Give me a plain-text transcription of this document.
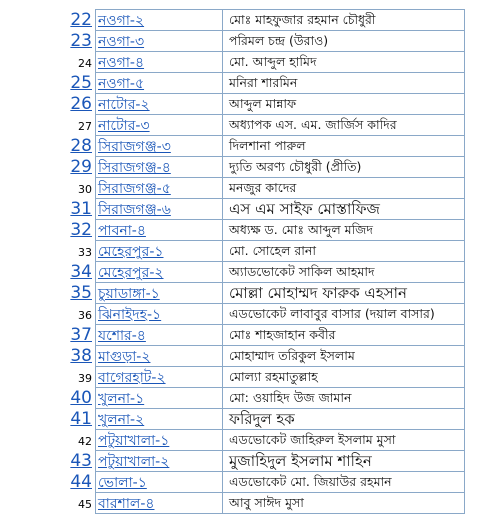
22	নওগা-২	মোঃ মাহফুজার রহমান চৌধুরী
23	নওগা-৩	পরিমল চন্দ্র (উরাও)
24	নওগা-৪	মো. আব্দুল হামিদ
25	নওগা-৫	মনিরা শারমিন
26	নাটোর-২	আব্দুল মান্নাফ
27	নাটোর-৩	অধ্যাপক এস. এম. জার্জিস কাদির
28	সিরাজগঞ্জ-৩	দিলশানা পারুল
29	সিরাজগঞ্জ-৪	দ্যুতি অরণ্য চৌধুরী (প্রীতি)
30	সিরাজগঞ্জ-৫	মনজুর কাদের
31	সিরাজগঞ্জ-৬	এস এম সাইফ মোস্তাফিজ
32	পাবনা-৪	অধ্যক্ষ ড. মোঃ আব্দুল মজিদ
33	মেহেরপুর-১	মো. সোহেল রানা
34	মেহেরপুর-২	অ্যাডভোকেট সাকিল আহমাদ
35	চুয়াডাঙ্গা-১	মোল্লা মোহাম্মদ ফারুক এহসান
36	ঝিনাইদহ-১	এডভোকেট লাবাবুর বাসার (দয়াল বাসার)
37	যশোর-৪	মোঃ শাহজাহান কবীর
38	মাগুড়া-২	মোহাম্মাদ তরিকুল ইসলাম
39	বাগেরহাট-২	মোল্যা রহমাতুল্লাহ
40	খুলনা-১	মো: ওয়াহিদ উজ জামান
41	খুলনা-২	ফরিদুল হক
42	পটুয়াখালা-১	এডভোকেট জাহিরুল ইসলাম মুসা
43	পটুয়াখালা-২	মুজাহিদুল ইসলাম শাহিন
44	ভোলা-১	এডভোকেট মো. জিয়াউর রহমান
45	বারশাল-৪	আবু সাঈদ মুসা
